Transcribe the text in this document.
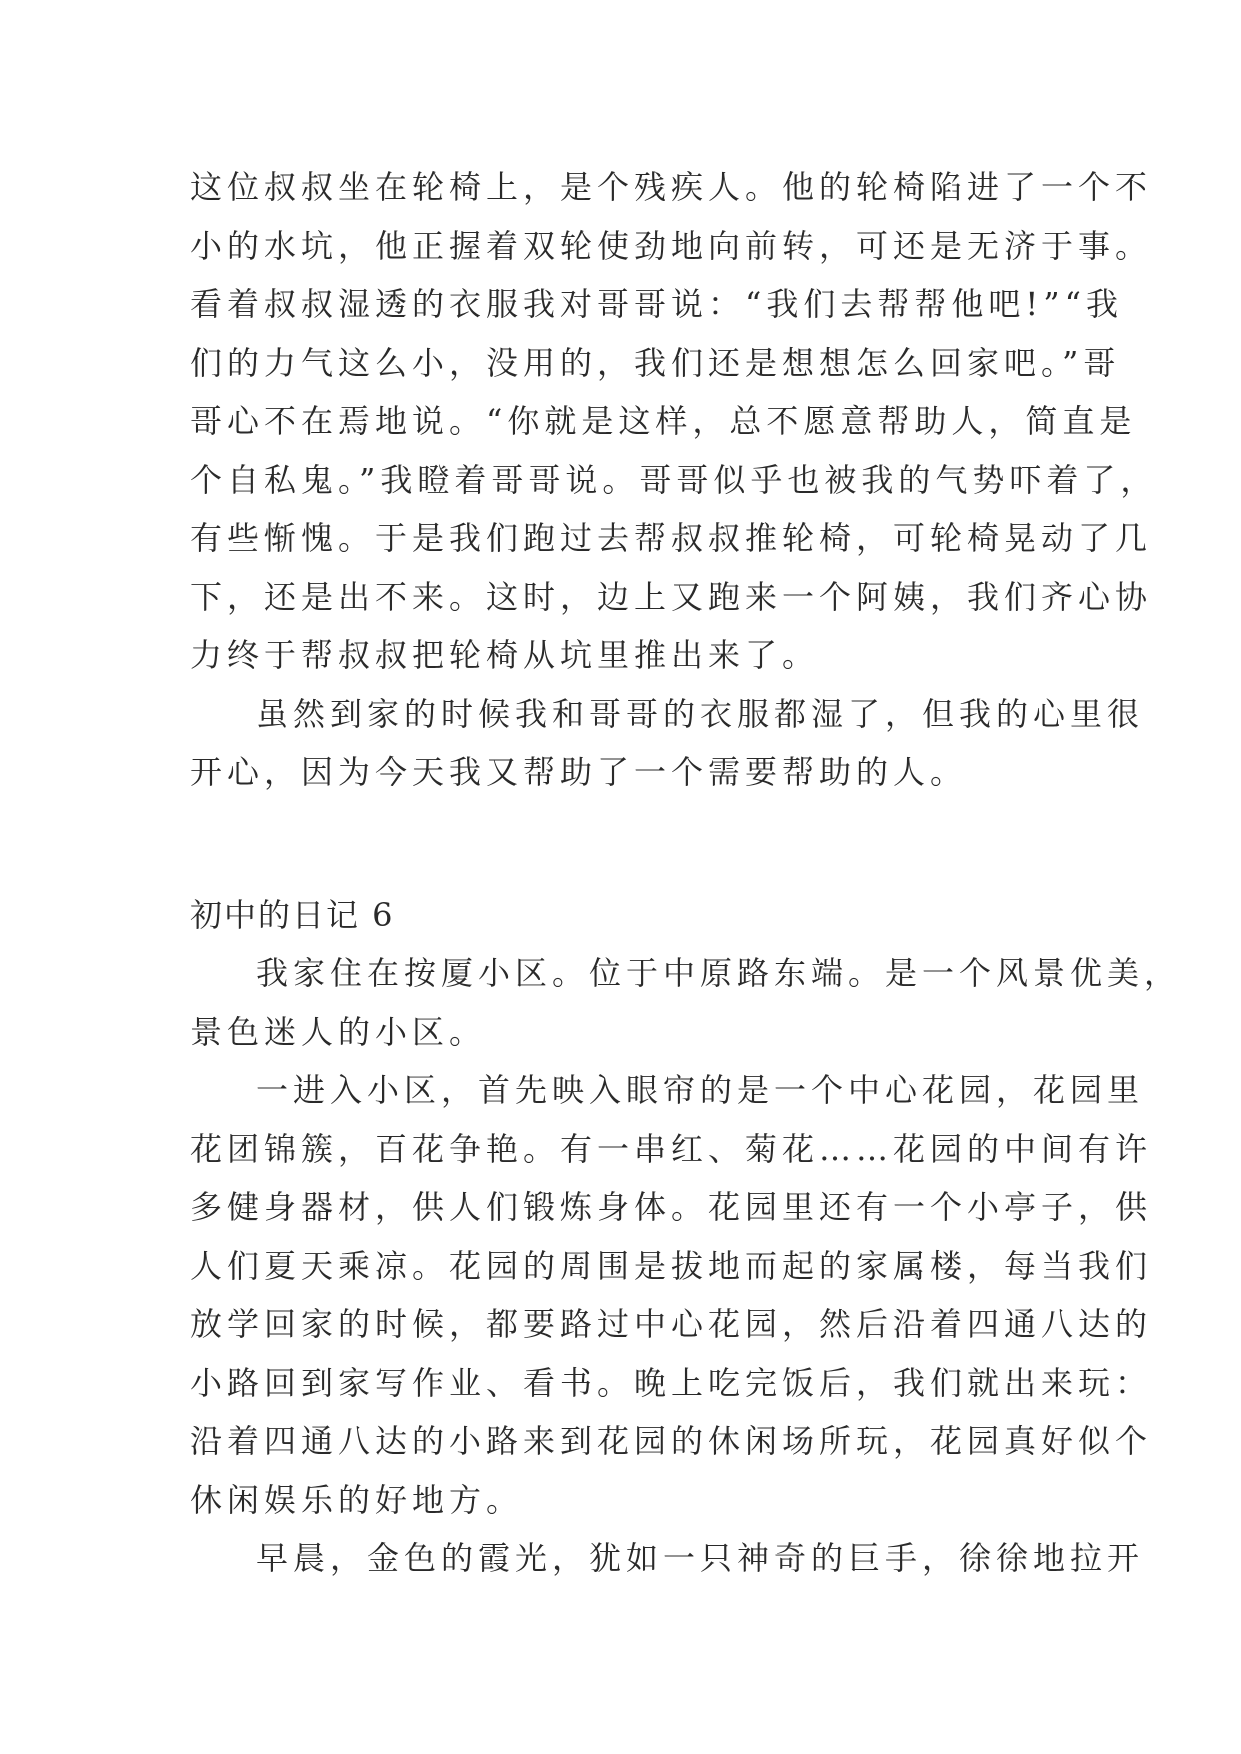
这位叔叔坐在轮椅上，是个残疾人。他的轮椅陷进了一个不
小的水坑，他正握着双轮使劲地向前转，可还是无济于事。
看着叔叔湿透的衣服我对哥哥说：“我们去帮帮他吧!”“我
们的力气这么小，没用的，我们还是想想怎么回家吧。”哥
哥心不在焉地说。“你就是这样，总不愿意帮助人，简直是
个自私鬼。”我瞪着哥哥说。哥哥似乎也被我的气势吓着了，
有些惭愧。于是我们跑过去帮叔叔推轮椅，可轮椅晃动了几
下，还是出不来。这时，边上又跑来一个阿姨，我们齐心协
力终于帮叔叔把轮椅从坑里推出来了。
虽然到家的时候我和哥哥的衣服都湿了，但我的心里很
开心，因为今天我又帮助了一个需要帮助的人。
初中的日记 6
我家住在按厦小区。位于中原路东端。是一个风景优美，
景色迷人的小区。
一进入小区，首先映入眼帘的是一个中心花园，花园里
花团锦簇，百花争艳。有一串红、菊花……花园的中间有许
多健身器材，供人们锻炼身体。花园里还有一个小亭子，供
人们夏天乘凉。花园的周围是拔地而起的家属楼，每当我们
放学回家的时候，都要路过中心花园，然后沿着四通八达的
小路回到家写作业、看书。晚上吃完饭后，我们就出来玩：
沿着四通八达的小路来到花园的休闲场所玩，花园真好似个
休闲娱乐的好地方。
早晨，金色的霞光，犹如一只神奇的巨手，徐徐地拉开
